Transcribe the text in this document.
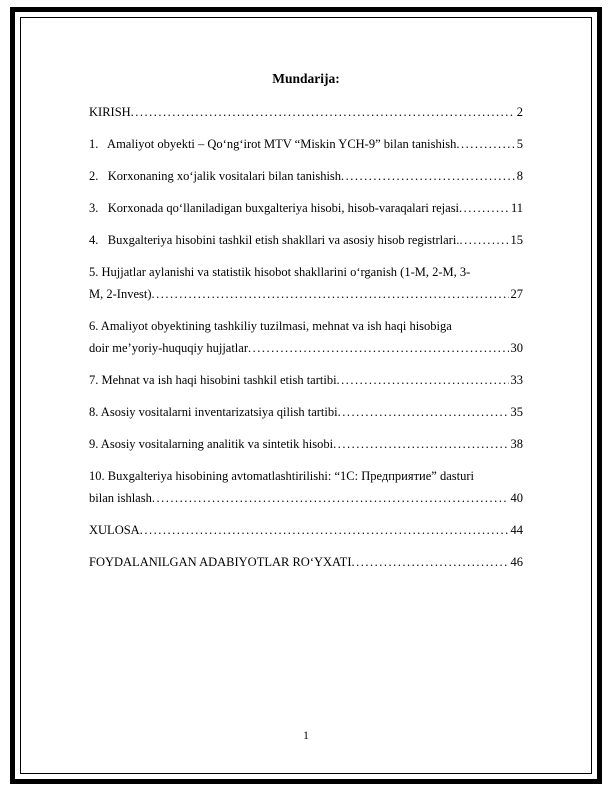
Mundarija:
KIRISH .....	2
1.   Amaliyot obyekti – Qo‘ng‘irot MTV “Miskin YCH-9” bilan tanishish .....	5
2.   Korxonaning xo‘jalik vositalari bilan tanishish .....	8
3.   Korxonada qo‘llaniladigan buxgalteriya hisobi, hisob-varaqalari rejasi .....	11
4.   Buxgalteriya hisobini tashkil etish shakllari va asosiy hisob registrlari. .....	15
5. Hujjatlar aylanishi va statistik hisobot shakllarini o‘rganish (1-M, 2-M, 3-
M, 2-Invest) .....	27
6. Amaliyot obyektining tashkiliy tuzilmasi, mehnat va ish haqi hisobiga
doir me’yoriy-huquqiy hujjatlar .....	30
7. Mehnat va ish haqi hisobini tashkil etish tartibi .....	33
8. Asosiy vositalarni inventarizatsiya qilish tartibi .....	35
9. Asosiy vositalarning analitik va sintetik hisobi .....	38
10. Buxgalteriya hisobining avtomatlashtirilishi: “1C: Предприятие” dasturi
bilan ishlash .....	40
XULOSA .....	44
FOYDALANILGAN ADABIYOTLAR RO‘YXATI .....	46
1
